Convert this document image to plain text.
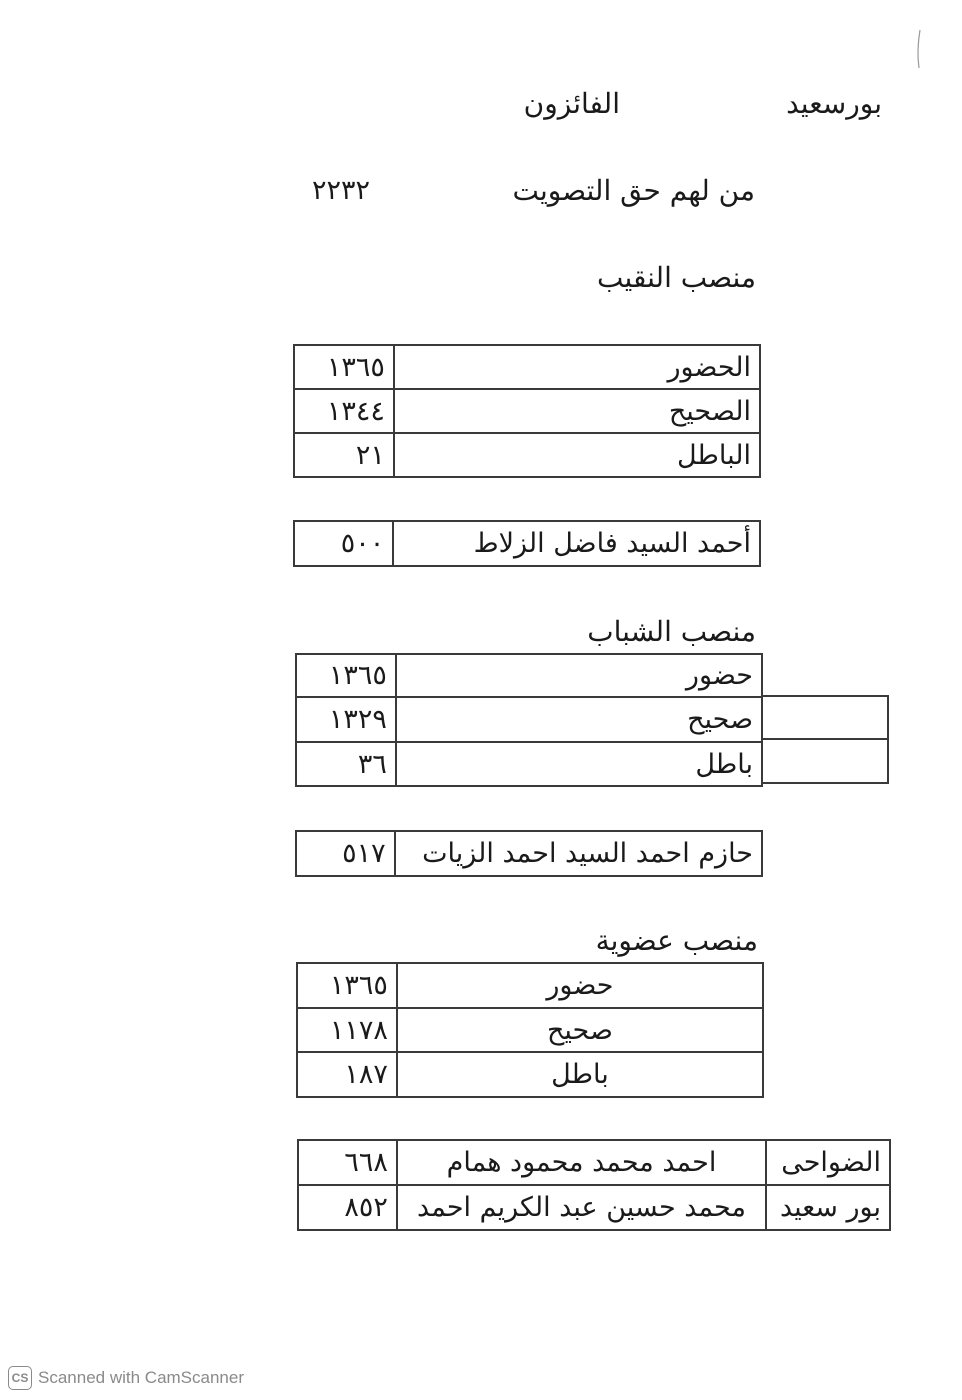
بورسعيد
الفائزون
من لهم حق التصويت
٢٢٣٢
منصب النقيب
الحضور	١٣٦٥
الصحيح	١٣٤٤
الباطل	٢١
أحمد السيد فاضل الزلاط	٥٠٠
منصب الشباب
حضور	١٣٦٥
صحيح	١٣٢٩
باطل	٣٦
حازم احمد السيد احمد الزيات	٥١٧
منصب عضوية
حضور	١٣٦٥
صحيح	١١٧٨
باطل	١٨٧
الضواحى	احمد محمد محمود همام	٦٦٨
بور سعيد	محمد حسين عبد الكريم احمد	٨٥٢
CS Scanned with CamScanner
